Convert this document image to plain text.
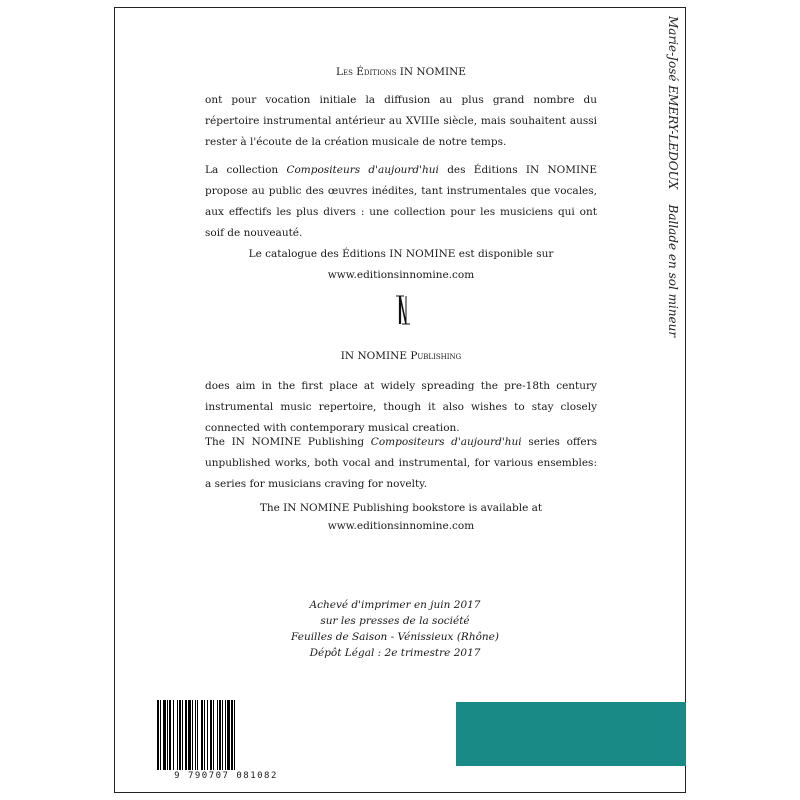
Marie-José EMERY-LEDOUX    Ballade en sol mineur
Les Éditions IN NOMINE
ont pour vocation initiale la diffusion au plus grand nombre du répertoire instrumental antérieur au XVIIIe siècle, mais souhaitent aussi rester à l'écoute de la création musicale de notre temps.
La collection Compositeurs d'aujourd'hui des Éditions IN NOMINE propose au public des œuvres inédites, tant instrumentales que vocales, aux effectifs les plus divers : une collection pour les musiciens qui ont soif de nouveauté.
Le catalogue des Éditions IN NOMINE est disponible sur www.editionsinnomine.com
IN NOMINE Publishing
does aim in the first place at widely spreading the pre-18th century instrumental music repertoire, though it also wishes to stay closely connected with contemporary musical creation.
The IN NOMINE Publishing Compositeurs d'aujourd'hui series offers unpublished works, both vocal and instrumental, for various ensembles: a series for musicians craving for novelty.
The IN NOMINE Publishing bookstore is available at
www.editionsinnomine.com
Achevé d'imprimer en juin 2017
sur les presses de la société
Feuilles de Saison - Vénissieux (Rhône)
Dépôt Légal : 2e trimestre 2017
9 790707 081082
